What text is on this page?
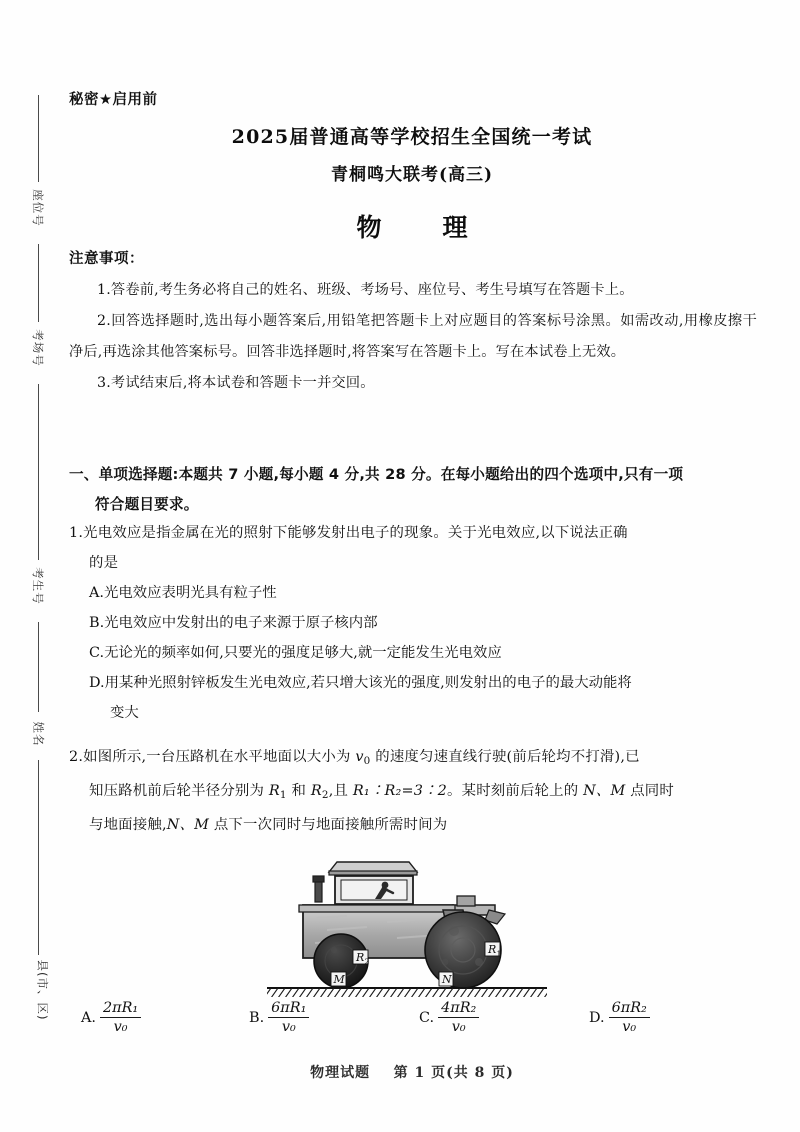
座位号
考场号
考生号
姓名
县(市、区)
秘密★启用前
2025届普通高等学校招生全国统一考试
青桐鸣大联考(高三)
物　理
注意事项：
1.答卷前,考生务必将自己的姓名、班级、考场号、座位号、考生号填写在答题卡上。
2.回答选择题时,选出每小题答案后,用铅笔把答题卡上对应题目的答案标号涂黑。如需改动,用橡皮擦干净后,再选涂其他答案标号。回答非选择题时,将答案写在答题卡上。写在本试卷上无效。
3.考试结束后,将本试卷和答题卡一并交回。
一、单项选择题:本题共 7 小题,每小题 4 分,共 28 分。在每小题给出的四个选项中,只有一项
符合题目要求。
1.光电效应是指金属在光的照射下能够发射出电子的现象。关于光电效应,以下说法正确
的是
A.光电效应表明光具有粒子性
B.光电效应中发射出的电子来源于原子核内部
C.无论光的频率如何,只要光的强度足够大,就一定能发生光电效应
D.用某种光照射锌板发生光电效应,若只增大该光的强度,则发射出的电子的最大动能将
变大
2.如图所示,一台压路机在水平地面以大小为 $v_0$ 的速度匀速直线行驶(前后轮均不打滑),已
知压路机前后轮半径分别为 $R_1$ 和 $R_2$,且 R₁∶R₂=3∶2。某时刻前后轮上的 N、M 点同时
与地面接触,N、M 点下一次同时与地面接触所需时间为
R 1
N
R 2
M
A. $\frac{\text{2πR₁}}{\text{v₀}}$	B. $\frac{\text{6πR₁}}{\text{v₀}}$	C. $\frac{\text{4πR₂}}{\text{v₀}}$	D. $\frac{\text{6πR₂}}{\text{v₀}}$
物理试题 第 1 页(共 8 页)
